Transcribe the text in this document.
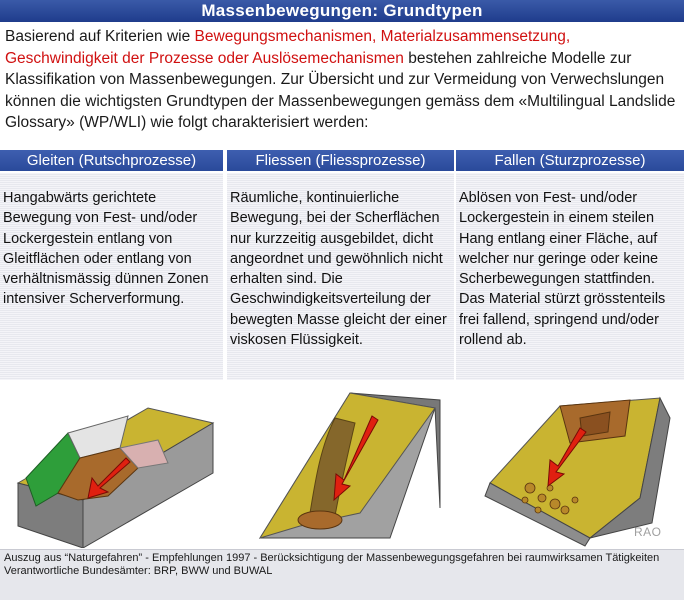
Massenbewegungen: Grundtypen

Basierend auf Kriterien wie Bewegungsmechanismen, Materialzusammensetzung, Geschwindigkeit der Prozesse oder Auslösemechanismen bestehen zahlreiche Modelle zur Klassifikation von Massenbewegungen. Zur Übersicht und zur Vermeidung von Verwechslungen können die wichtigsten Grundtypen der Massenbewegungen gemäss dem «Multilingual Landslide Glossary» (WP/WLI) wie folgt charakterisiert werden:

Gleiten (Rutschprozesse)	Fliessen (Fliessprozesse)	Fallen (Sturzprozesse)
Hangabwärts gerichtete Bewegung von Fest- und/oder Lockergestein entlang von Gleitflächen oder entlang von verhältnismässig dünnen Zonen intensiver Scherverformung.
Räumliche, kontinuierliche Bewegung, bei der Scherflächen nur kurzzeitig ausgebildet, dicht angeordnet und gewöhnlich nicht erhalten sind. Die Geschwindigkeitsverteilung der bewegten Masse gleicht der einer viskosen Flüssigkeit.
Ablösen von Fest- und/oder Lockergestein in einem steilen Hang entlang einer Fläche, auf welcher nur geringe oder keine Scherbewegungen stattfinden. Das Material stürzt grösstenteils frei fallend, springend und/oder rollend ab.
RAO
Auszug aus “Naturgefahren” - Empfehlungen 1997 - Berücksichtigung der Massenbewegungsgefahren bei raumwirksamen Tätigkeiten
Verantwortliche Bundesämter: BRP, BWW und BUWAL
